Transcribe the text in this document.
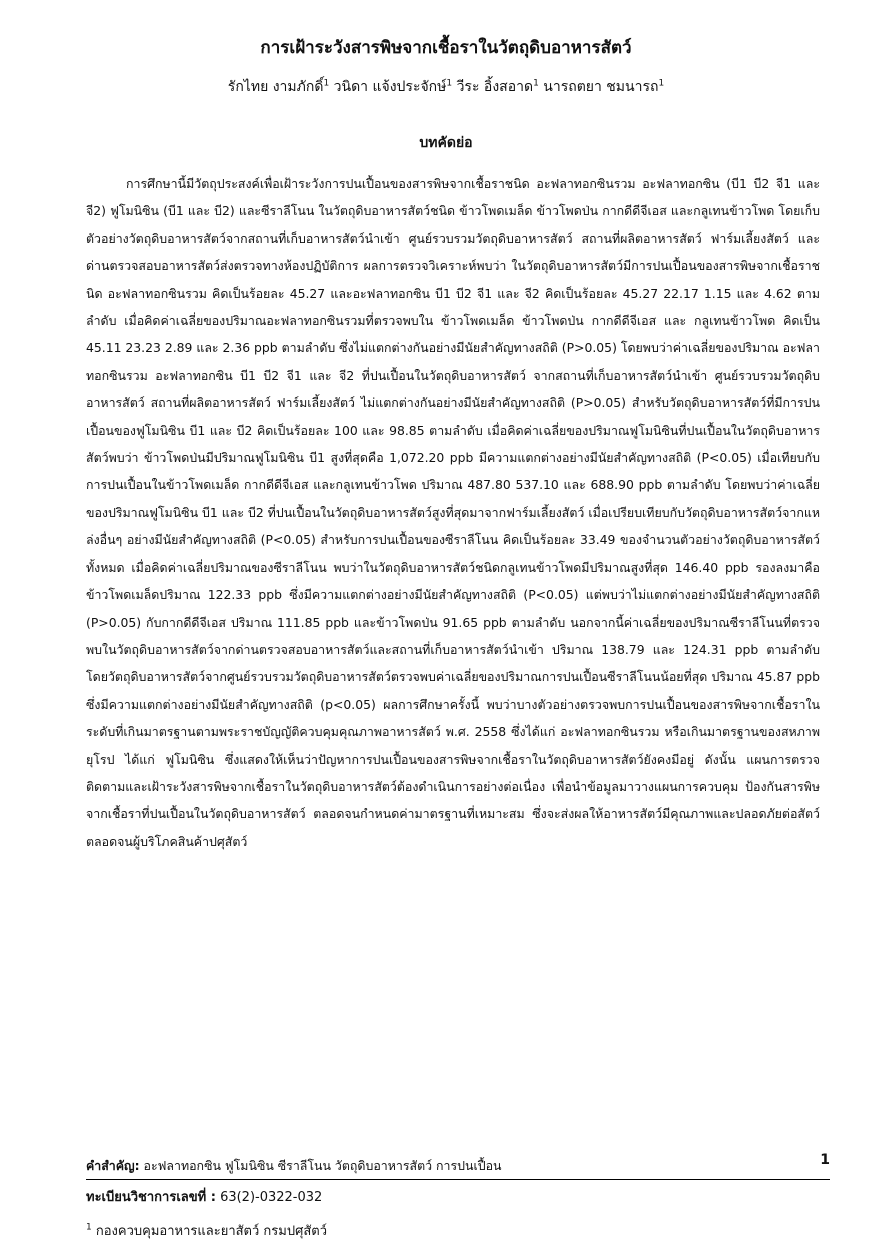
การเฝ้าระวังสารพิษจากเชื้อราในวัตถุดิบอาหารสัตว์
รักไทย งามภักดิ์$^1$ วนิดา แจ้งประจักษ์$^1$ วีระ อิ้งสอาด$^1$ นารถตยา ชมนารถ$^1$
บทคัดย่อ

การศึกษานี้มีวัตถุประสงค์เพื่อเฝ้าระวังการปนเปื้อนของสารพิษจากเชื้อราชนิด อะฟลาทอกซินรวม อะฟลาทอกซิน (บี1 บี2 จี1 และ จี2) ฟูโมนิซิน (บี1 และ บี2) และซีราลีโนน ในวัตถุดิบอาหารสัตว์ชนิด ข้าวโพดเมล็ด ข้าวโพดป่น กากดีดีจีเอส และกลูเทนข้าวโพด โดยเก็บตัวอย่างวัตถุดิบอาหารสัตว์จากสถานที่เก็บอาหารสัตว์นำเข้า ศูนย์รวบรวมวัตถุดิบอาหารสัตว์ สถานที่ผลิตอาหารสัตว์ ฟาร์มเลี้ยงสัตว์ และด่านตรวจสอบอาหารสัตว์ส่งตรวจทางห้องปฏิบัติการ ผลการตรวจวิเคราะห์พบว่า ในวัตถุดิบอาหารสัตว์มีการปนเปื้อนของสารพิษจากเชื้อราชนิด อะฟลาทอกซินรวม คิดเป็นร้อยละ 45.27 และอะฟลาทอกซิน บี1 บี2 จี1 และ จี2 คิดเป็นร้อยละ 45.27 22.17 1.15 และ 4.62 ตามลำดับ เมื่อคิดค่าเฉลี่ยของปริมาณอะฟลาทอกซินรวมที่ตรวจพบใน ข้าวโพดเมล็ด ข้าวโพดป่น กากดีดีจีเอส และ กลูเทนข้าวโพด คิดเป็น 45.11 23.23 2.89 และ 2.36 ppb ตามลำดับ ซึ่งไม่แตกต่างกันอย่างมีนัยสำคัญทางสถิติ (P>0.05) โดยพบว่าค่าเฉลี่ยของปริมาณ อะฟลาทอกซินรวม อะฟลาทอกซิน บี1 บี2 จี1 และ จี2 ที่ปนเปื้อนในวัตถุดิบอาหารสัตว์ จากสถานที่เก็บอาหารสัตว์นำเข้า ศูนย์รวบรวมวัตถุดิบอาหารสัตว์ สถานที่ผลิตอาหารสัตว์ ฟาร์มเลี้ยงสัตว์ ไม่แตกต่างกันอย่างมีนัยสำคัญทางสถิติ (P>0.05) สำหรับวัตถุดิบอาหารสัตว์ที่มีการปนเปื้อนของฟูโมนิซิน บี1 และ บี2 คิดเป็นร้อยละ 100 และ 98.85 ตามลำดับ เมื่อคิดค่าเฉลี่ยของปริมาณฟูโมนิซินที่ปนเปื้อนในวัตถุดิบอาหารสัตว์พบว่า ข้าวโพดป่นมีปริมาณฟูโมนิซิน บี1 สูงที่สุดคือ 1,072.20 ppb มีความแตกต่างอย่างมีนัยสำคัญทางสถิติ (P<0.05) เมื่อเทียบกับการปนเปื้อนในข้าวโพดเมล็ด กากดีดีจีเอส และกลูเทนข้าวโพด ปริมาณ 487.80 537.10 และ 688.90 ppb ตามลำดับ โดยพบว่าค่าเฉลี่ยของปริมาณฟูโมนิซิน บี1 และ บี2 ที่ปนเปื้อนในวัตถุดิบอาหารสัตว์สูงที่สุดมาจากฟาร์มเลี้ยงสัตว์ เมื่อเปรียบเทียบกับวัตถุดิบอาหารสัตว์จากแหล่งอื่นๆ อย่างมีนัยสำคัญทางสถิติ (P<0.05) สำหรับการปนเปื้อนของซีราลีโนน คิดเป็นร้อยละ 33.49 ของจำนวนตัวอย่างวัตถุดิบอาหารสัตว์ทั้งหมด เมื่อคิดค่าเฉลี่ยปริมาณของซีราลีโนน พบว่าในวัตถุดิบอาหารสัตว์ชนิดกลูเทนข้าวโพดมีปริมาณสูงที่สุด 146.40 ppb รองลงมาคือข้าวโพดเมล็ดปริมาณ 122.33 ppb ซึ่งมีความแตกต่างอย่างมีนัยสำคัญทางสถิติ (P<0.05) แต่พบว่าไม่แตกต่างอย่างมีนัยสำคัญทางสถิติ (P>0.05) กับกากดีดีจีเอส ปริมาณ 111.85 ppb และข้าวโพดป่น 91.65 ppb ตามลำดับ นอกจากนี้ค่าเฉลี่ยของปริมาณซีราลีโนนที่ตรวจพบในวัตถุดิบอาหารสัตว์จากด่านตรวจสอบอาหารสัตว์และสถานที่เก็บอาหารสัตว์นำเข้า ปริมาณ 138.79 และ 124.31 ppb ตามลำดับ โดยวัตถุดิบอาหารสัตว์จากศูนย์รวบรวมวัตถุดิบอาหารสัตว์ตรวจพบค่าเฉลี่ยของปริมาณการปนเปื้อนซีราลีโนนน้อยที่สุด ปริมาณ 45.87 ppb ซึ่งมีความแตกต่างอย่างมีนัยสำคัญทางสถิติ (p<0.05) ผลการศึกษาครั้งนี้ พบว่าบางตัวอย่างตรวจพบการปนเปื้อนของสารพิษจากเชื้อราในระดับที่เกินมาตรฐานตามพระราชบัญญัติควบคุมคุณภาพอาหารสัตว์ พ.ศ. 2558 ซึ่งได้แก่ อะฟลาทอกซินรวม หรือเกินมาตรฐานของสหภาพยุโรป ได้แก่ ฟูโมนิซิน ซึ่งแสดงให้เห็นว่าปัญหาการปนเปื้อนของสารพิษจากเชื้อราในวัตถุดิบอาหารสัตว์ยังคงมีอยู่ ดังนั้น แผนการตรวจติดตามและเฝ้าระวังสารพิษจากเชื้อราในวัตถุดิบอาหารสัตว์ต้องดำเนินการอย่างต่อเนื่อง เพื่อนำข้อมูลมาวางแผนการควบคุม ป้องกันสารพิษจากเชื้อราที่ปนเปื้อนในวัตถุดิบอาหารสัตว์ ตลอดจนกำหนดค่ามาตรฐานที่เหมาะสม ซึ่งจะส่งผลให้อาหารสัตว์มีคุณภาพและปลอดภัยต่อสัตว์ตลอดจนผู้บริโภคสินค้าปศุสัตว์

คำสำคัญ: อะฟลาทอกซิน ฟูโมนิซิน ซีราลีโนน วัตถุดิบอาหารสัตว์ การปนเปื้อน	1
ทะเบียนวิชาการเลขที่ : 63(2)-0322-032
$^1$ กองควบคุมอาหารและยาสัตว์ กรมปศุสัตว์
